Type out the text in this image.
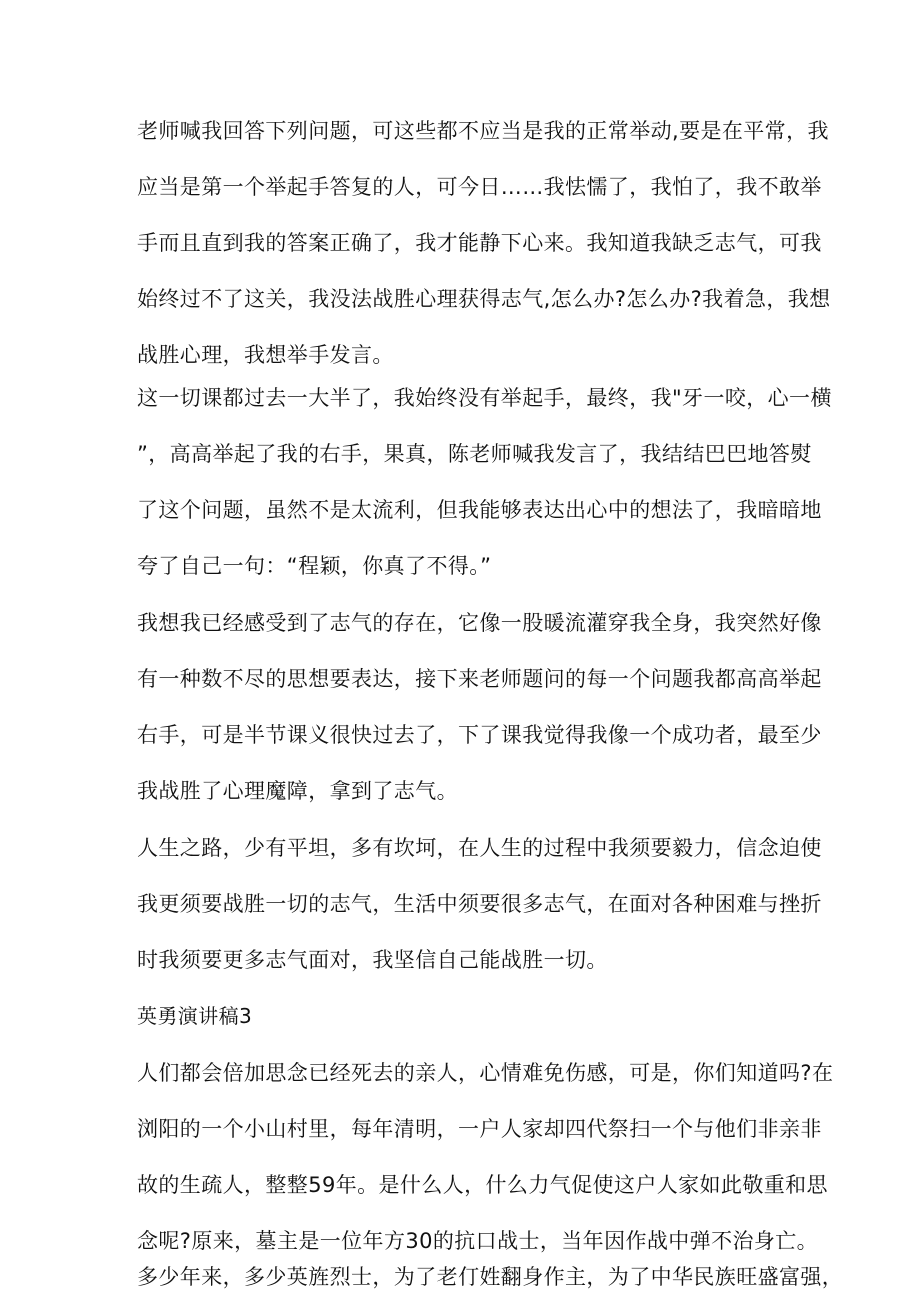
老师喊我回答下列问题，可这些都不应当是我的正常举动,要是在平常，我
应当是第一个举起手答复的人，可今日……我怯懦了，我怕了，我不敢举
手而且直到我的答案正确了，我才能静下心来。我知道我缺乏志气，可我
始终过不了这关，我没法战胜心理获得志气,怎么办?怎么办?我着急，我想
战胜心理，我想举手发言。
这一切课都过去一大半了，我始终没有举起手，最终，我"牙一咬，心一横
”，高高举起了我的右手，果真，陈老师喊我发言了，我结结巴巴地答熨
了这个问题，虽然不是太流利，但我能够表达出心中的想法了，我暗暗地
夸了自己一句：“程颖，你真了不得。”
我想我已经感受到了志气的存在，它像一股暖流灌穿我全身，我突然好像
有一种数不尽的思想要表达，接下来老师题问的每一个问题我都高高举起
右手，可是半节课义很快过去了，下了课我觉得我像一个成功者，最至少
我战胜了心理魔障，拿到了志气。
人生之路，少有平坦，多有坎坷，在人生的过程中我须要毅力，信念迫使
我更须要战胜一切的志气，生活中须要很多志气，在面对各种困难与挫折
时我须要更多志气面对，我坚信自己能战胜一切。
英勇演讲稿3
人们都会倍加思念已经死去的亲人，心情难免伤感，可是，你们知道吗?在
浏阳的一个小山村里，每年清明，一户人家却四代祭扫一个与他们非亲非
故的生疏人，整整59年。是什么人，什么力气促使这户人家如此敬重和思
念呢?原来，墓主是一位年方30的抗口战士，当年因作战中弹不治身亡。
多少年来，多少英旌烈士，为了老仃姓翻身作主，为了中华民族旺盛富强，
